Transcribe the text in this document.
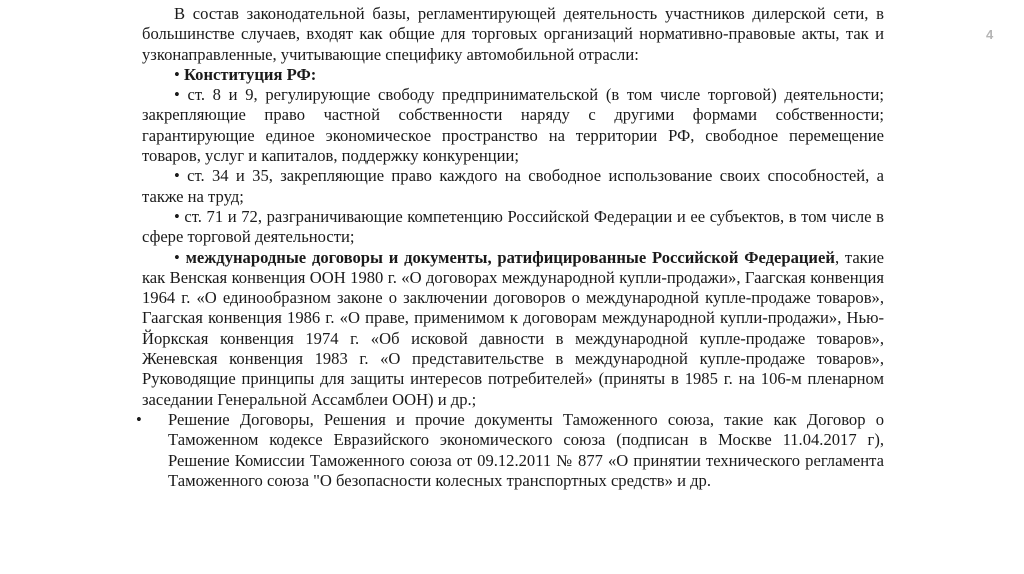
4

В состав законодательной базы, регламентирующей деятельность участников дилерской сети, в большинстве случаев, входят как общие для торговых организаций нормативно-правовые акты, так и узконаправленные, учитывающие специфику автомобильной отрасли:

• Конституция РФ:

• ст. 8 и 9, регулирующие свободу предпринимательской (в том числе торговой) деятельности; закрепляющие право частной собственности наряду с другими формами собственности; гарантирующие единое экономическое пространство на территории РФ, свободное перемещение товаров, услуг и капиталов, поддержку конкуренции;

• ст. 34 и 35, закрепляющие право каждого на свободное использование своих способностей, а также на труд;

• ст. 71 и 72, разграничивающие компетенцию Российской Федерации и ее субъектов, в том числе в сфере торговой деятельности;

• международные договоры и документы, ратифицированные Российской Федерацией, такие как Венская конвенция ООН 1980 г. «О договорах международной купли-продажи», Гаагская конвенция 1964 г. «О единообразном законе о заключении договоров о международной купле-продаже товаров», Гаагская конвенция 1986 г. «О праве, применимом к договорам международной купли-продажи», Нью-Йоркская конвенция 1974 г. «Об исковой давности в международной купле-продаже товаров», Женевская конвенция 1983 г. «О представительстве в международной купле-продаже товаров», Руководящие принципы для защиты интересов потребителей» (приняты в 1985 г. на 106-м пленарном заседании Генеральной Ассамблеи ООН) и др.;

•	Решение Договоры, Решения и прочие документы Таможенного союза, такие как Договор о Таможенном кодексе Евразийского экономического союза (подписан в Москве 11.04.2017 г), Решение Комиссии Таможенного союза от 09.12.2011 № 877 «О принятии технического регламента Таможенного союза "О безопасности колесных транспортных средств» и др.
